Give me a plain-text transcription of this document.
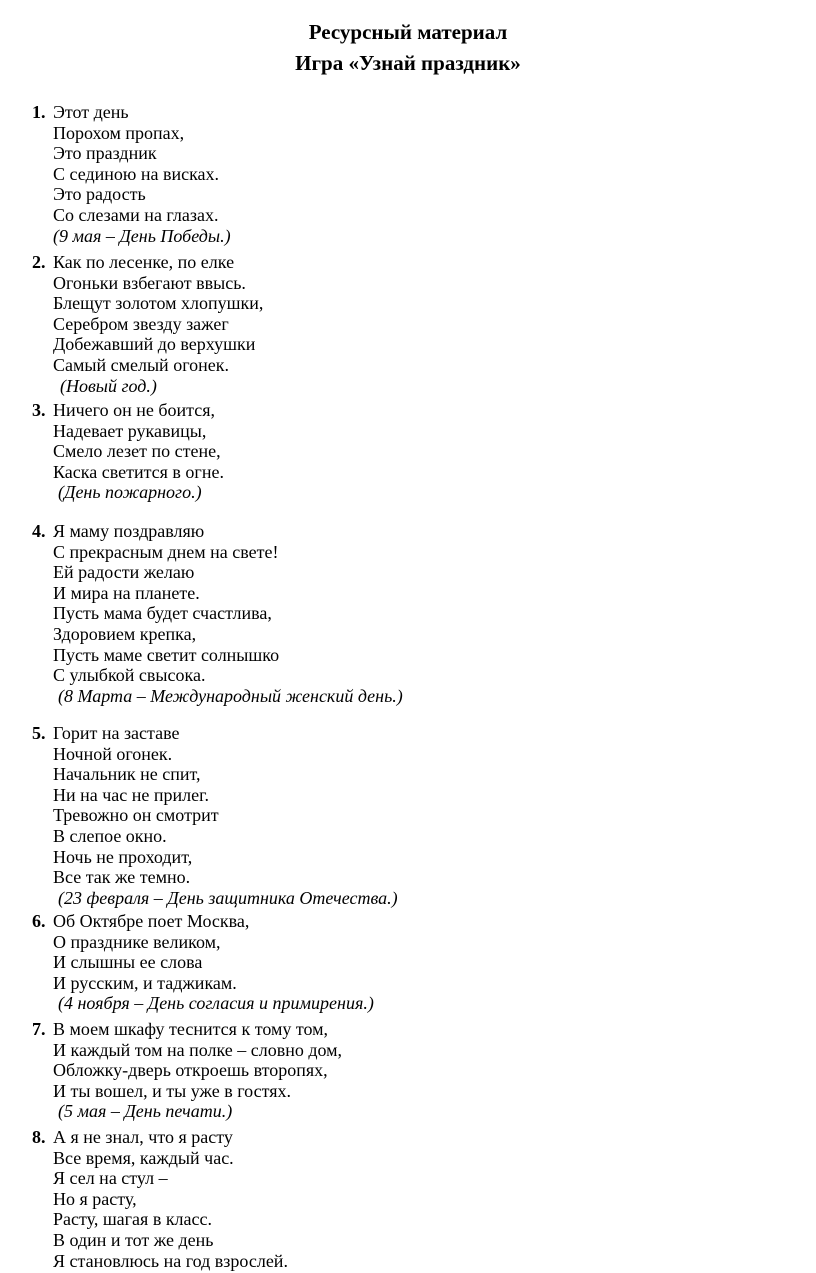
Ресурсный материал
Игра «Узнай праздник»
1. Этот день
Порохом пропах,
Это праздник
С сединою на висках.
Это радость
Со слезами на глазах.
(9 мая – День Победы.)
2. Как по лесенке, по елке
Огоньки взбегают ввысь.
Блещут золотом хлопушки,
Серебром звезду зажег
Добежавший до верхушки
Самый смелый огонек.
(Новый год.)
3. Ничего он не боится,
Надевает рукавицы,
Смело лезет по стене,
Каска светится в огне.
(День пожарного.)
4. Я маму поздравляю
С прекрасным днем на свете!
Ей радости желаю
И мира на планете.
Пусть мама будет счастлива,
Здоровием крепка,
Пусть маме светит солнышко
С улыбкой свысока.
(8 Марта – Международный женский день.)
5. Горит на заставе
Ночной огонек.
Начальник не спит,
Ни на час не прилег.
Тревожно он смотрит
В слепое окно.
Ночь не проходит,
Все так же темно.
(23 февраля – День защитника Отечества.)
6. Об Октябре поет Москва,
О празднике великом,
И слышны ее слова
И русским, и таджикам.
(4 ноября – День согласия и примирения.)
7. В моем шкафу теснится к тому том,
И каждый том на полке – словно дом,
Обложку-дверь откроешь второпях,
И ты вошел, и ты уже в гостях.
(5 мая – День печати.)
8. А я не знал, что я расту
Все время, каждый час.
Я сел на стул –
Но я расту,
Расту, шагая в класс.
В один и тот же день
Я становлюсь на год взрослей.
